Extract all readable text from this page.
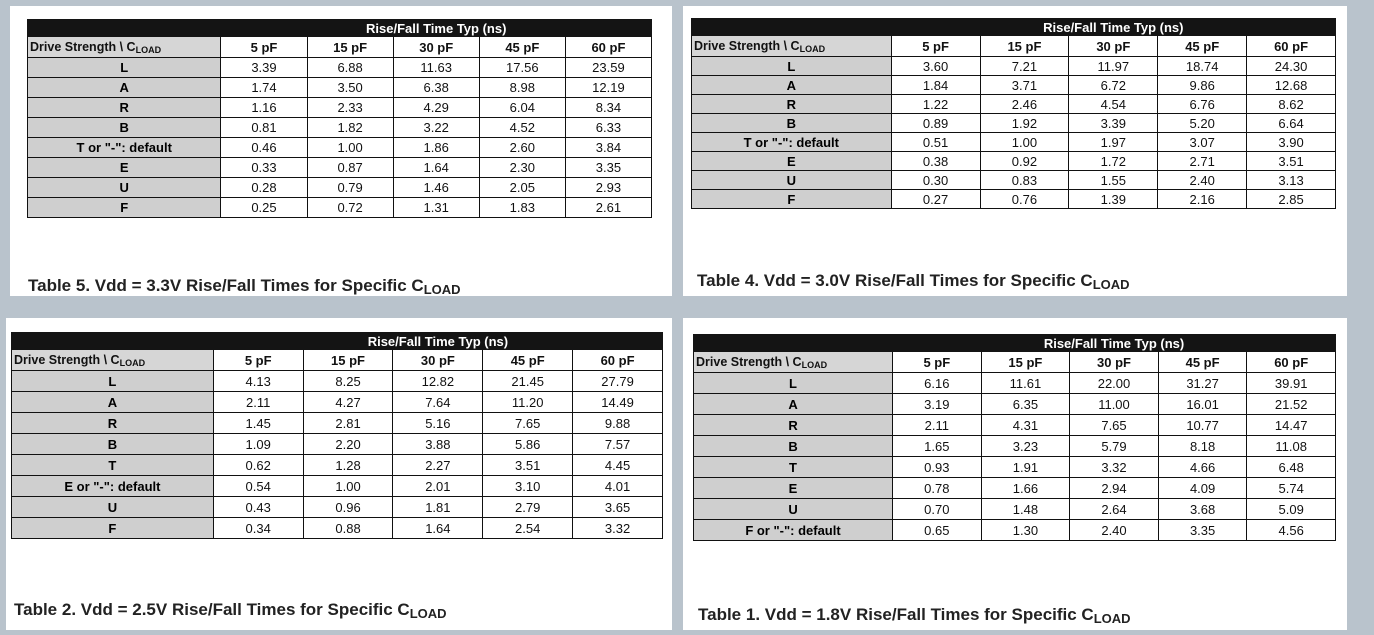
	Rise/Fall Time Typ (ns)				
Drive Strength \ CLOAD	5 pF	15 pF	30 pF	45 pF	60 pF
L	3.39	6.88	11.63	17.56	23.59
A	1.74	3.50	6.38	8.98	12.19
R	1.16	2.33	4.29	6.04	8.34
B	0.81	1.82	3.22	4.52	6.33
T or "-": default	0.46	1.00	1.86	2.60	3.84
E	0.33	0.87	1.64	2.30	3.35
U	0.28	0.79	1.46	2.05	2.93
F	0.25	0.72	1.31	1.83	2.61
Table 5. Vdd = 3.3V Rise/Fall Times for Specific $C_{LOAD}$
	Rise/Fall Time Typ (ns)				
Drive Strength \ CLOAD	5 pF	15 pF	30 pF	45 pF	60 pF
L	3.60	7.21	11.97	18.74	24.30
A	1.84	3.71	6.72	9.86	12.68
R	1.22	2.46	4.54	6.76	8.62
B	0.89	1.92	3.39	5.20	6.64
T or "-": default	0.51	1.00	1.97	3.07	3.90
E	0.38	0.92	1.72	2.71	3.51
U	0.30	0.83	1.55	2.40	3.13
F	0.27	0.76	1.39	2.16	2.85
Table 4. Vdd = 3.0V Rise/Fall Times for Specific $C_{LOAD}$
	Rise/Fall Time Typ (ns)				
Drive Strength \ CLOAD	5 pF	15 pF	30 pF	45 pF	60 pF
L	4.13	8.25	12.82	21.45	27.79
A	2.11	4.27	7.64	11.20	14.49
R	1.45	2.81	5.16	7.65	9.88
B	1.09	2.20	3.88	5.86	7.57
T	0.62	1.28	2.27	3.51	4.45
E or "-": default	0.54	1.00	2.01	3.10	4.01
U	0.43	0.96	1.81	2.79	3.65
F	0.34	0.88	1.64	2.54	3.32
Table 2. Vdd = 2.5V Rise/Fall Times for Specific $C_{LOAD}$
	Rise/Fall Time Typ (ns)				
Drive Strength \ CLOAD	5 pF	15 pF	30 pF	45 pF	60 pF
L	6.16	11.61	22.00	31.27	39.91
A	3.19	6.35	11.00	16.01	21.52
R	2.11	4.31	7.65	10.77	14.47
B	1.65	3.23	5.79	8.18	11.08
T	0.93	1.91	3.32	4.66	6.48
E	0.78	1.66	2.94	4.09	5.74
U	0.70	1.48	2.64	3.68	5.09
F or "-": default	0.65	1.30	2.40	3.35	4.56
Table 1. Vdd = 1.8V Rise/Fall Times for Specific $C_{LOAD}$
